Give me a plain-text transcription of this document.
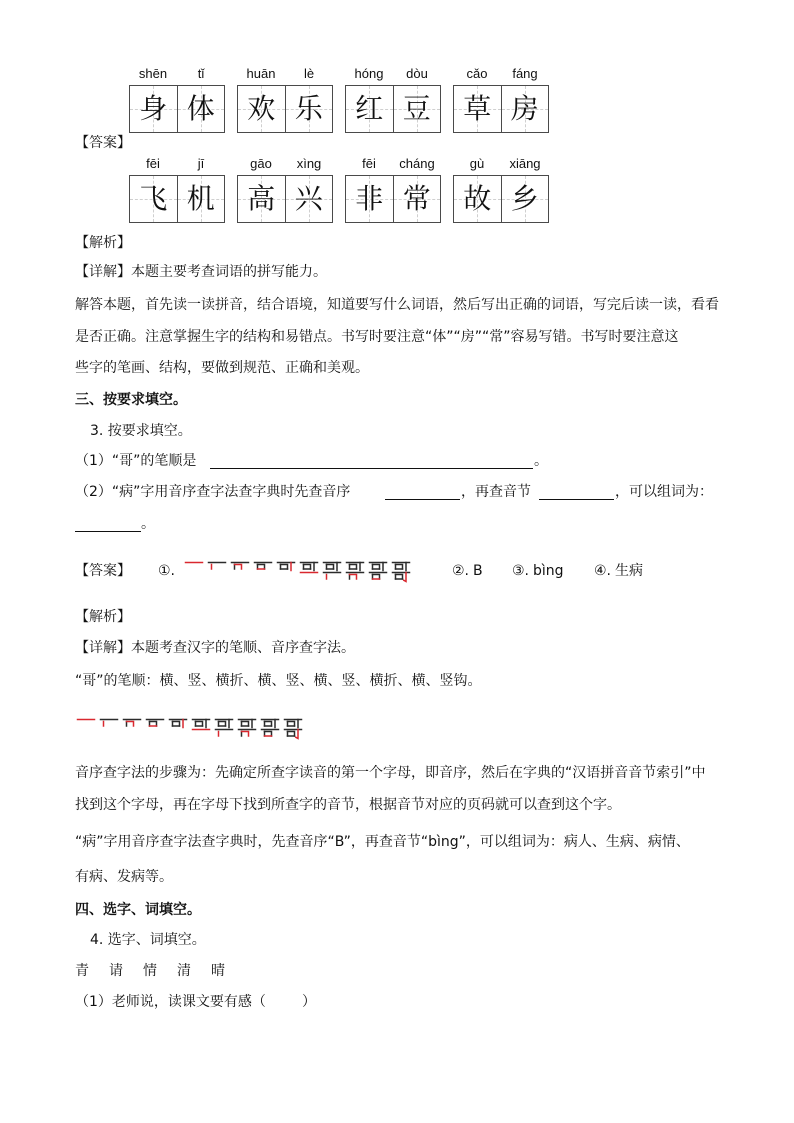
shēn	tǐ
身 体
huān	lè
欢 乐
hóng	dòu
红 豆
cǎo	fáng
草 房
【答案】
fēi	jī
飞 机
gāo	xìng
高 兴
fēi	cháng
非 常
gù	xiāng
故 乡
【解析】
【详解】本题主要考查词语的拼写能力。
解答本题，首先读一读拼音，结合语境，知道要写什么词语，然后写出正确的词语，写完后读一读，看看
是否正确。注意掌握生字的结构和易错点。书写时要注意“体”“房”“常”容易写错。书写时要注意这
些字的笔画、结构，要做到规范、正确和美观。
三、按要求填空。
3. 按要求填空。
（1）“哥”的笔顺是	。
（2）“病”字用音序查字法查字典时先查音序	，再查音节	，可以组词为：
。
【答案】 ①.	②. B ③. bìng ④. 生病
【解析】
【详解】本题考查汉字的笔顺、音序查字法。
“哥”的笔顺：横、竖、横折、横、竖、横、竖、横折、横、竖钩。
音序查字法的步骤为：先确定所查字读音的第一个字母，即音序，然后在字典的“汉语拼音音节索引”中
找到这个字母，再在字母下找到所查字的音节，根据音节对应的页码就可以查到这个字。
“病”字用音序查字法查字典时，先查音序“B”，再查音节“bìng”，可以组词为：病人、生病、病情、
有病、发病等。
四、选字、词填空。
4. 选字、词填空。
青 请 情 清 晴
（1）老师说，读课文要有感（	）
